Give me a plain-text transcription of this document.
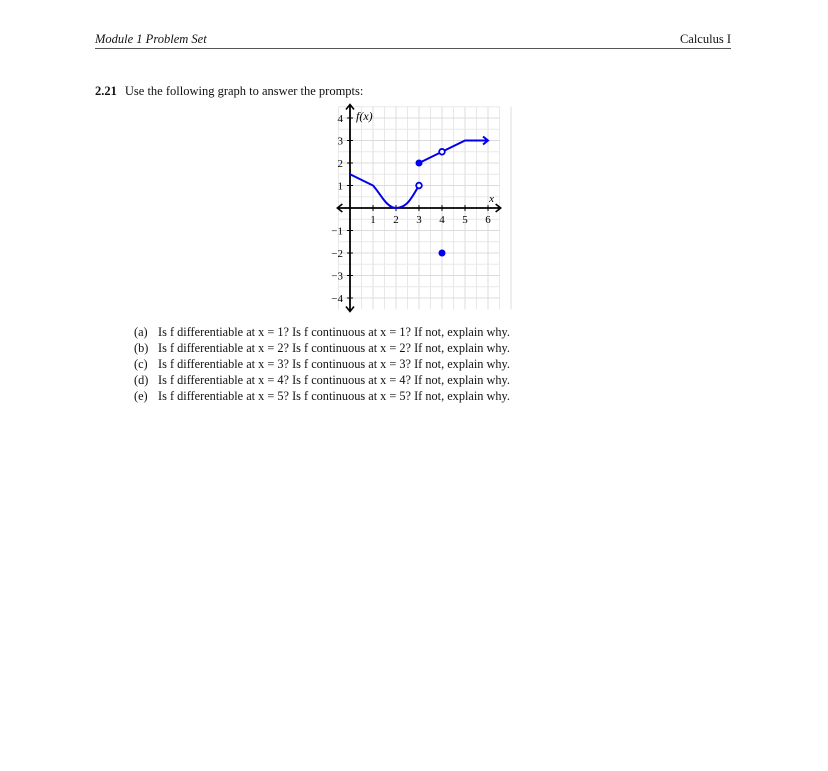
Module 1 Problem Set	Calculus I
2.21 Use the following graph to answer the prompts:
1 2 3 4 5 6
4
3
2
1
−1
−2
−3
−4
f(x)
x
(a) Is f differentiable at x = 1? Is f continuous at x = 1? If not, explain why.
(b) Is f differentiable at x = 2? Is f continuous at x = 2? If not, explain why.
(c) Is f differentiable at x = 3? Is f continuous at x = 3? If not, explain why.
(d) Is f differentiable at x = 4? Is f continuous at x = 4? If not, explain why.
(e) Is f differentiable at x = 5? Is f continuous at x = 5? If not, explain why.
